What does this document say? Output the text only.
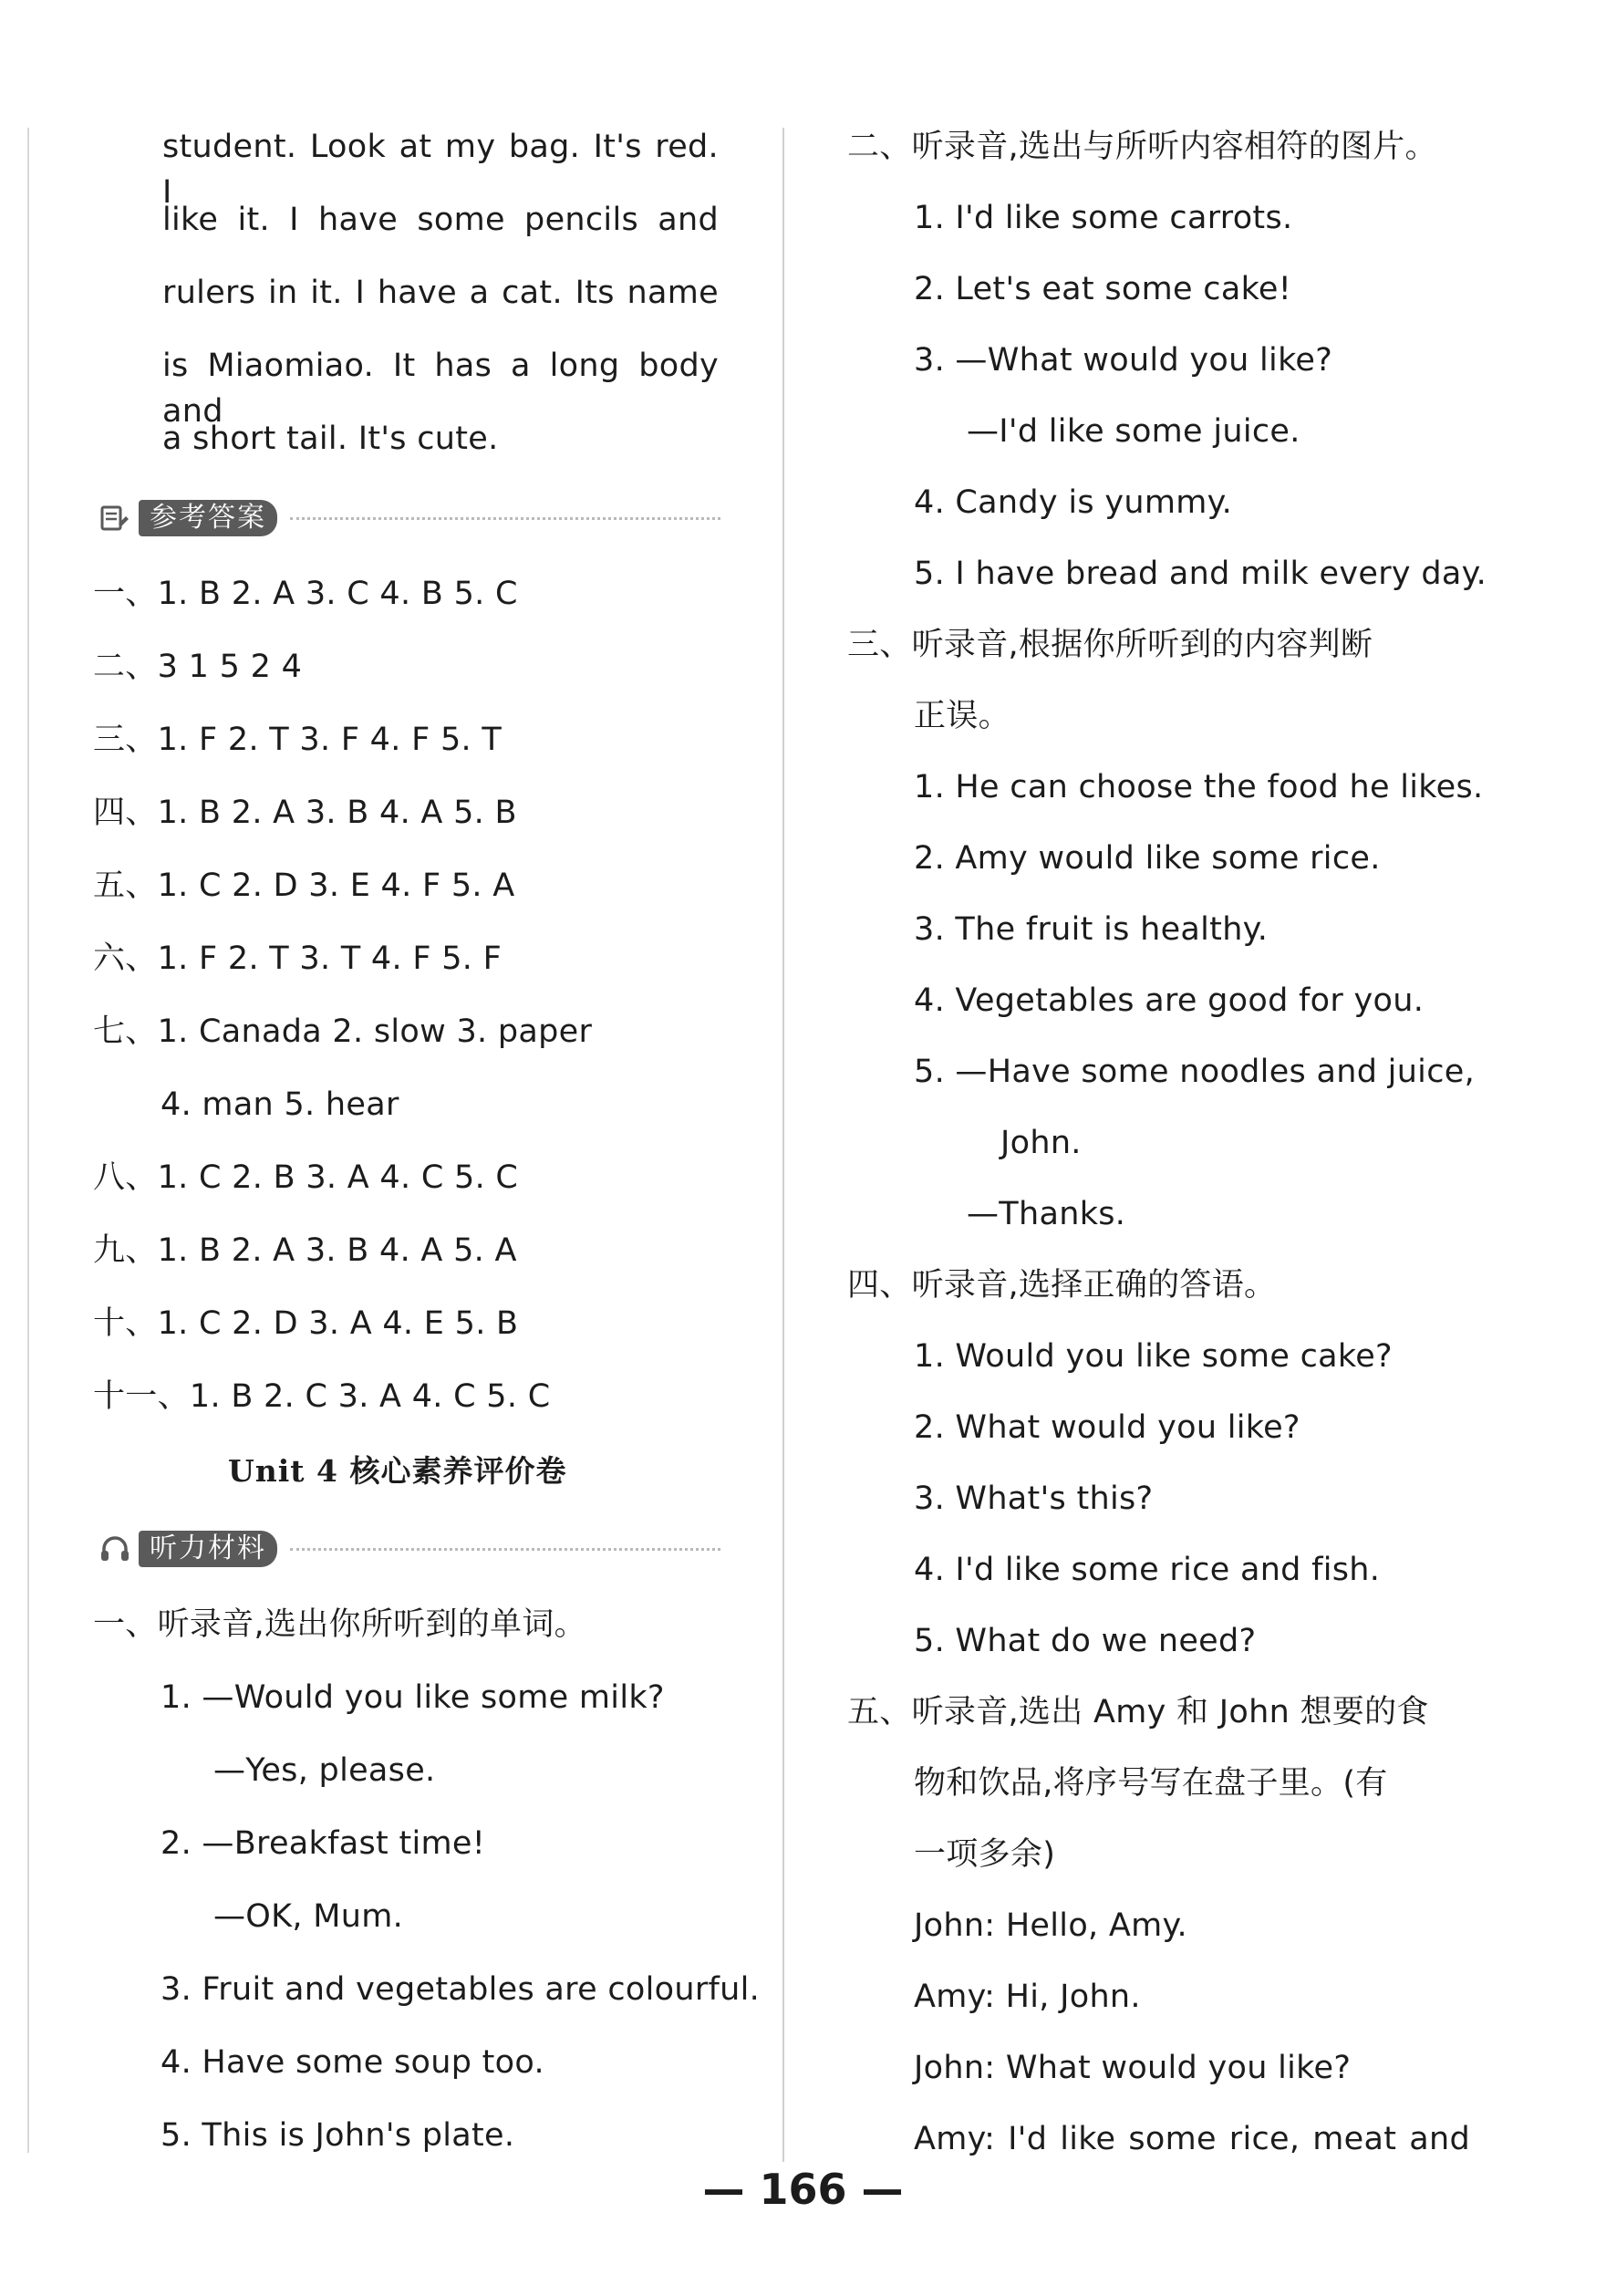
student. Look at my bag. It's red. I
like it. I have some pencils and
rulers in it. I have a cat. Its name
is Miaomiao. It has a long body and
a short tail. It's cute.
参考答案
一、1. B 2. A 3. C 4. B 5. C
二、3 1 5 2 4
三、1. F 2. T 3. F 4. F 5. T
四、1. B 2. A 3. B 4. A 5. B
五、1. C 2. D 3. E 4. F 5. A
六、1. F 2. T 3. T 4. F 5. F
七、1. Canada 2. slow 3. paper
4. man 5. hear
八、1. C 2. B 3. A 4. C 5. C
九、1. B 2. A 3. B 4. A 5. A
十、1. C 2. D 3. A 4. E 5. B
十一、1. B 2. C 3. A 4. C 5. C
Unit 4 核心素养评价卷
听力材料
一、听录音,选出你所听到的单词。
1. —Would you like some milk?
—Yes, please.
2. —Breakfast time!
—OK, Mum.
3. Fruit and vegetables are colourful.
4. Have some soup too.
5. This is John's plate.
二、听录音,选出与所听内容相符的图片。
1. I'd like some carrots.
2. Let's eat some cake!
3. —What would you like?
—I'd like some juice.
4. Candy is yummy.
5. I have bread and milk every day.
三、听录音,根据你所听到的内容判断
正误。
1. He can choose the food he likes.
2. Amy would like some rice.
3. The fruit is healthy.
4. Vegetables are good for you.
5. —Have some noodles and juice,
John.
—Thanks.
四、听录音,选择正确的答语。
1. Would you like some cake?
2. What would you like?
3. What's this?
4. I'd like some rice and fish.
5. What do we need?
五、听录音,选出 Amy 和 John 想要的食
物和饮品,将序号写在盘子里。(有
一项多余)
John: Hello, Amy.
Amy: Hi, John.
John: What would you like?
Amy: I'd like some rice, meat and
— 166 —
